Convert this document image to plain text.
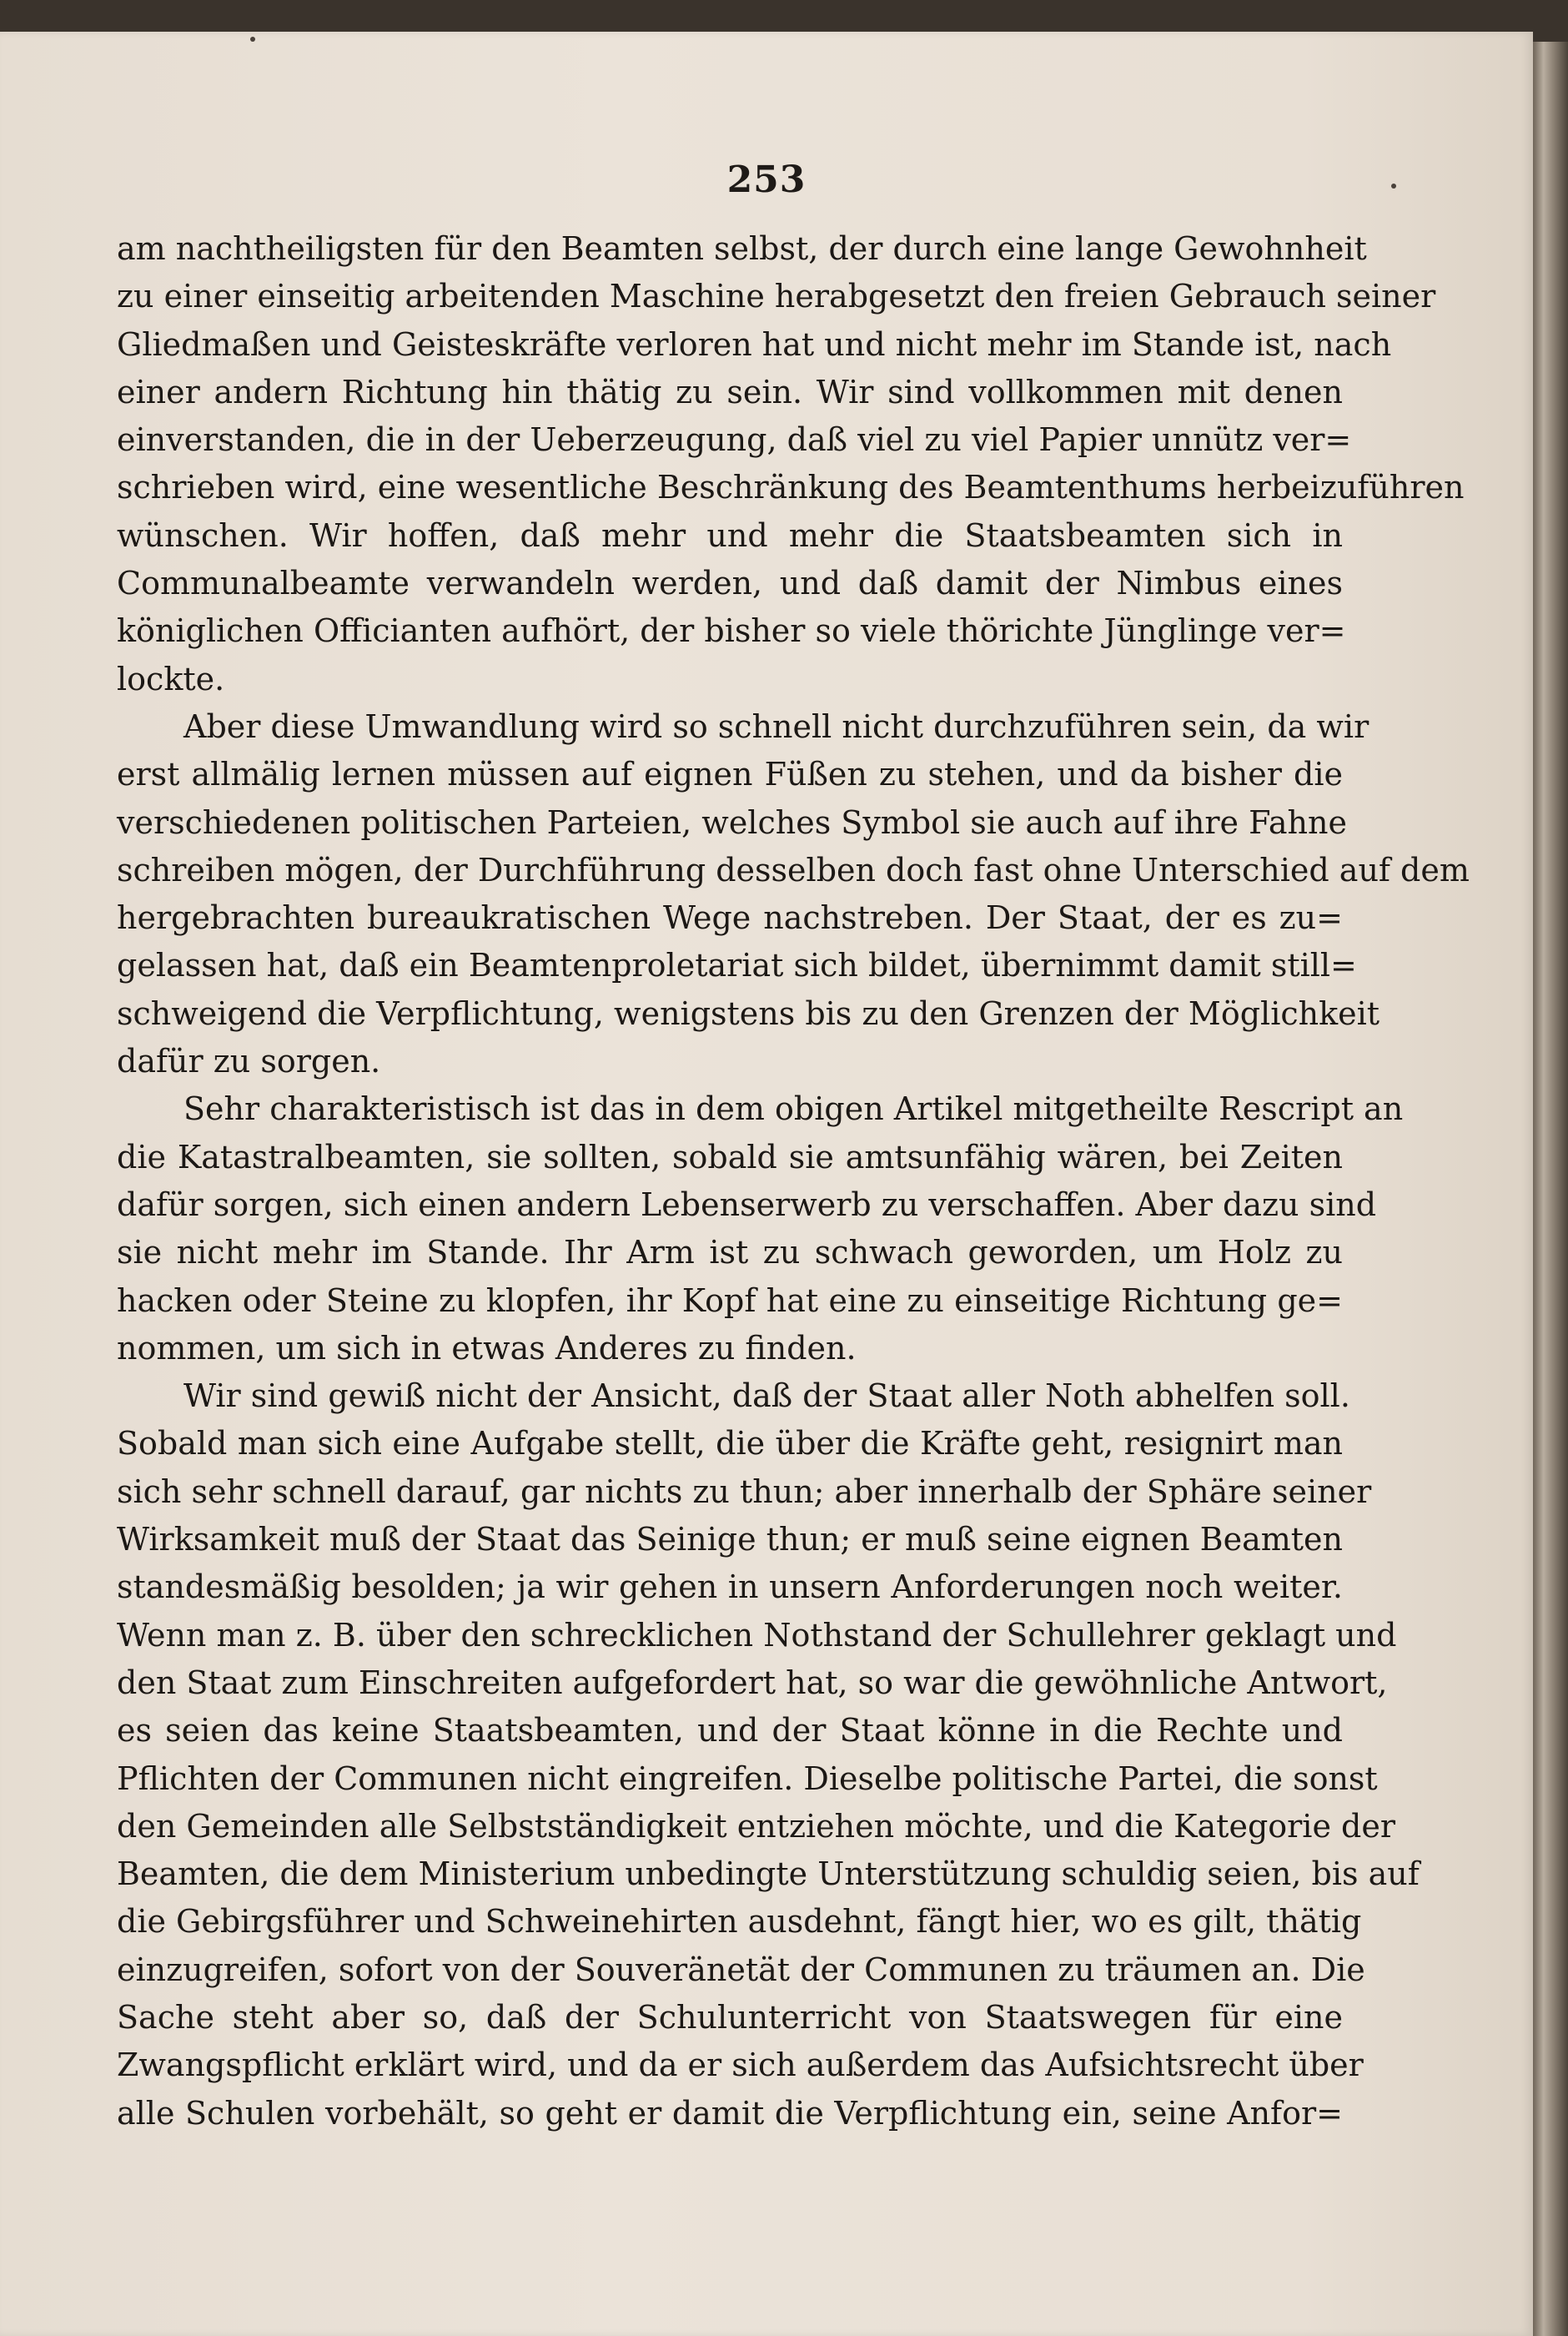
253
am nachtheiligsten für den Beamten selbst, der durch eine lange Gewohnheit
zu einer einseitig arbeitenden Maschine herabgesetzt den freien Gebrauch seiner
Gliedmaßen und Geisteskräfte verloren hat und nicht mehr im Stande ist, nach
einer andern Richtung hin thätig zu sein. Wir sind vollkommen mit denen
einverstanden, die in der Ueberzeugung, daß viel zu viel Papier unnütz ver=
schrieben wird, eine wesentliche Beschränkung des Beamtenthums herbeizuführen
wünschen. Wir hoffen, daß mehr und mehr die Staatsbeamten sich in
Communalbeamte verwandeln werden, und daß damit der Nimbus eines
königlichen Officianten aufhört, der bisher so viele thörichte Jünglinge ver=
lockte.
Aber diese Umwandlung wird so schnell nicht durchzuführen sein, da wir
erst allmälig lernen müssen auf eignen Füßen zu stehen, und da bisher die
verschiedenen politischen Parteien, welches Symbol sie auch auf ihre Fahne
schreiben mögen, der Durchführung desselben doch fast ohne Unterschied auf dem
hergebrachten bureaukratischen Wege nachstreben. Der Staat, der es zu=
gelassen hat, daß ein Beamtenproletariat sich bildet, übernimmt damit still=
schweigend die Verpflichtung, wenigstens bis zu den Grenzen der Möglichkeit
dafür zu sorgen.
Sehr charakteristisch ist das in dem obigen Artikel mitgetheilte Rescript an
die Katastralbeamten, sie sollten, sobald sie amtsunfähig wären, bei Zeiten
dafür sorgen, sich einen andern Lebenserwerb zu verschaffen. Aber dazu sind
sie nicht mehr im Stande. Ihr Arm ist zu schwach geworden, um Holz zu
hacken oder Steine zu klopfen, ihr Kopf hat eine zu einseitige Richtung ge=
nommen, um sich in etwas Anderes zu finden.
Wir sind gewiß nicht der Ansicht, daß der Staat aller Noth abhelfen soll.
Sobald man sich eine Aufgabe stellt, die über die Kräfte geht, resignirt man
sich sehr schnell darauf, gar nichts zu thun; aber innerhalb der Sphäre seiner
Wirksamkeit muß der Staat das Seinige thun; er muß seine eignen Beamten
standesmäßig besolden; ja wir gehen in unsern Anforderungen noch weiter.
Wenn man z. B. über den schrecklichen Nothstand der Schullehrer geklagt und
den Staat zum Einschreiten aufgefordert hat, so war die gewöhnliche Antwort,
es seien das keine Staatsbeamten, und der Staat könne in die Rechte und
Pflichten der Communen nicht eingreifen. Dieselbe politische Partei, die sonst
den Gemeinden alle Selbstständigkeit entziehen möchte, und die Kategorie der
Beamten, die dem Ministerium unbedingte Unterstützung schuldig seien, bis auf
die Gebirgsführer und Schweinehirten ausdehnt, fängt hier, wo es gilt, thätig
einzugreifen, sofort von der Souveränetät der Communen zu träumen an. Die
Sache steht aber so, daß der Schulunterricht von Staatswegen für eine
Zwangspflicht erklärt wird, und da er sich außerdem das Aufsichtsrecht über
alle Schulen vorbehält, so geht er damit die Verpflichtung ein, seine Anfor=
